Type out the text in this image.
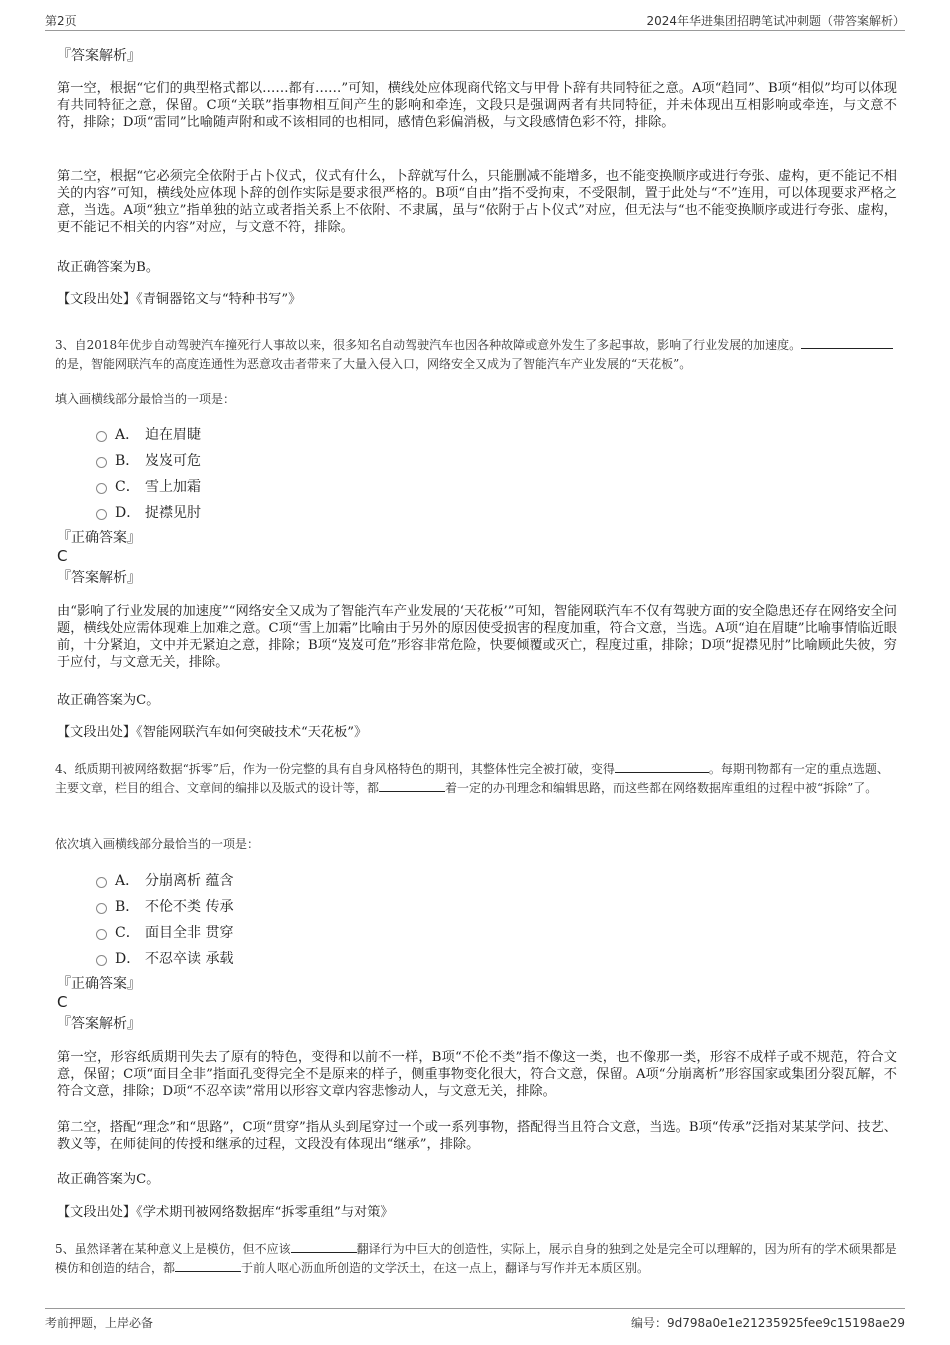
第2页	2024年华进集团招聘笔试冲刺题（带答案解析）
『答案解析』
第一空，根据“它们的典型格式都以……都有……”可知，横线处应体现商代铭文与甲骨卜辞有共同特征之意。A项“趋同”、B项“相似”均可以体现有共同特征之意，保留。C项“关联”指事物相互间产生的影响和牵连，文段只是强调两者有共同特征，并未体现出互相影响或牵连，与文意不符，排除；D项“雷同”比喻随声附和或不该相同的也相同，感情色彩偏消极，与文段感情色彩不符，排除。
第二空，根据“它必须完全依附于占卜仪式，仪式有什么，卜辞就写什么，只能删减不能增多，也不能变换顺序或进行夸张、虚构，更不能记不相关的内容”可知，横线处应体现卜辞的创作实际是要求很严格的。B项“自由”指不受拘束，不受限制，置于此处与“不”连用，可以体现要求严格之意，当选。A项“独立”指单独的站立或者指关系上不依附、不隶属，虽与“依附于占卜仪式”对应，但无法与“也不能变换顺序或进行夸张、虚构，更不能记不相关的内容”对应，与文意不符，排除。
故正确答案为B。
【文段出处】《青铜器铭文与“特种书写”》
3、自2018年优步自动驾驶汽车撞死行人事故以来，很多知名自动驾驶汽车也因各种故障或意外发生了多起事故，影响了行业发展的加速度。的是，智能网联汽车的高度连通性为恶意攻击者带来了大量入侵入口，网络安全又成为了智能汽车产业发展的“天花板”。
填入画横线部分最恰当的一项是：
A． 迫在眉睫
B． 岌岌可危
C． 雪上加霜
D． 捉襟见肘
『正确答案』
C
『答案解析』
由“影响了行业发展的加速度”“网络安全又成为了智能汽车产业发展的‘天花板’”可知，智能网联汽车不仅有驾驶方面的安全隐患还存在网络安全问题，横线处应需体现难上加难之意。C项“雪上加霜”比喻由于另外的原因使受损害的程度加重，符合文意，当选。A项“迫在眉睫”比喻事情临近眼前，十分紧迫，文中并无紧迫之意，排除；B项“岌岌可危”形容非常危险，快要倾覆或灭亡，程度过重，排除；D项“捉襟见肘”比喻顾此失彼，穷于应付，与文意无关，排除。
故正确答案为C。
【文段出处】《智能网联汽车如何突破技术“天花板”》
4、纸质期刊被网络数据“拆零”后，作为一份完整的具有自身风格特色的期刊，其整体性完全被打破，变得	。每期刊物都有一定的重点选题、主要文章，栏目的组合、文章间的编排以及版式的设计等，都	着一定的办刊理念和编辑思路，而这些都在网络数据库重组的过程中被“拆除”了。
依次填入画横线部分最恰当的一项是：
A． 分崩离析 蕴含
B． 不伦不类 传承
C． 面目全非 贯穿
D． 不忍卒读 承载
『正确答案』
C
『答案解析』
第一空，形容纸质期刊失去了原有的特色，变得和以前不一样，B项“不伦不类”指不像这一类，也不像那一类，形容不成样子或不规范，符合文意，保留；C项“面目全非”指面孔变得完全不是原来的样子，侧重事物变化很大，符合文意，保留。A项“分崩离析”形容国家或集团分裂瓦解，不符合文意，排除；D项“不忍卒读”常用以形容文章内容悲惨动人，与文意无关，排除。
第二空，搭配“理念”和“思路”，C项“贯穿”指从头到尾穿过一个或一系列事物，搭配得当且符合文意，当选。B项“传承”泛指对某某学问、技艺、教义等，在师徒间的传授和继承的过程，文段没有体现出“继承”，排除。
故正确答案为C。
【文段出处】《学术期刊被网络数据库“拆零重组”与对策》
5、虽然译著在某种意义上是模仿，但不应该	翻译行为中巨大的创造性，实际上，展示自身的独到之处是完全可以理解的，因为所有的学术硕果都是模仿和创造的结合，都	于前人呕心沥血所创造的文学沃土，在这一点上，翻译与写作并无本质区别。
考前押题，上岸必备	编号：9d798a0e1e21235925fee9c15198ae29
